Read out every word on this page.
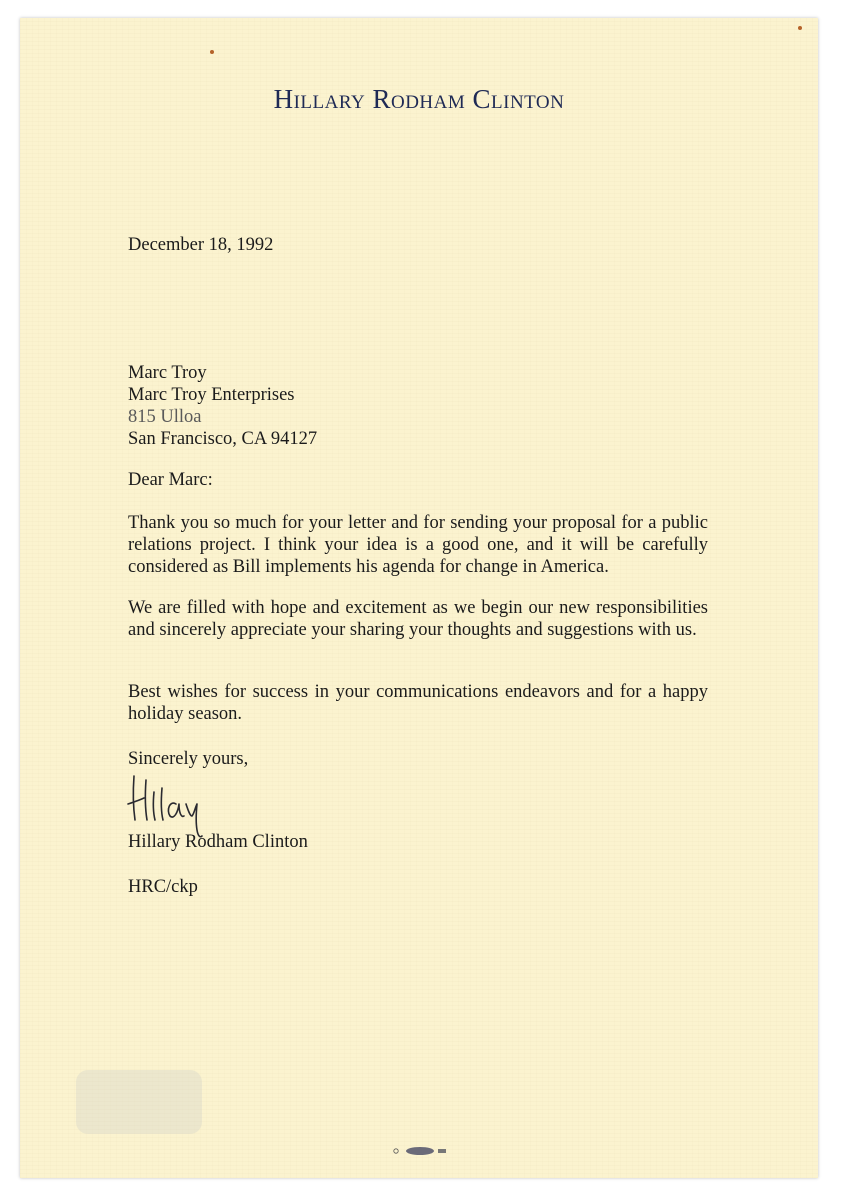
Hillary Rodham Clinton
December 18, 1992
Marc Troy
Marc Troy Enterprises
815 Ulloa
San Francisco, CA 94127
Dear Marc:
Thank you so much for your letter and for sending your proposal for a public relations project. I think your idea is a good one, and it will be carefully considered as Bill implements his agenda for change in America.
We are filled with hope and excitement as we begin our new responsibilities and sincerely appreciate your sharing your thoughts and suggestions with us.
Best wishes for success in your communications endeavors and for a happy holiday season.
Sincerely yours,
Hillary Rodham Clinton
HRC/ckp
